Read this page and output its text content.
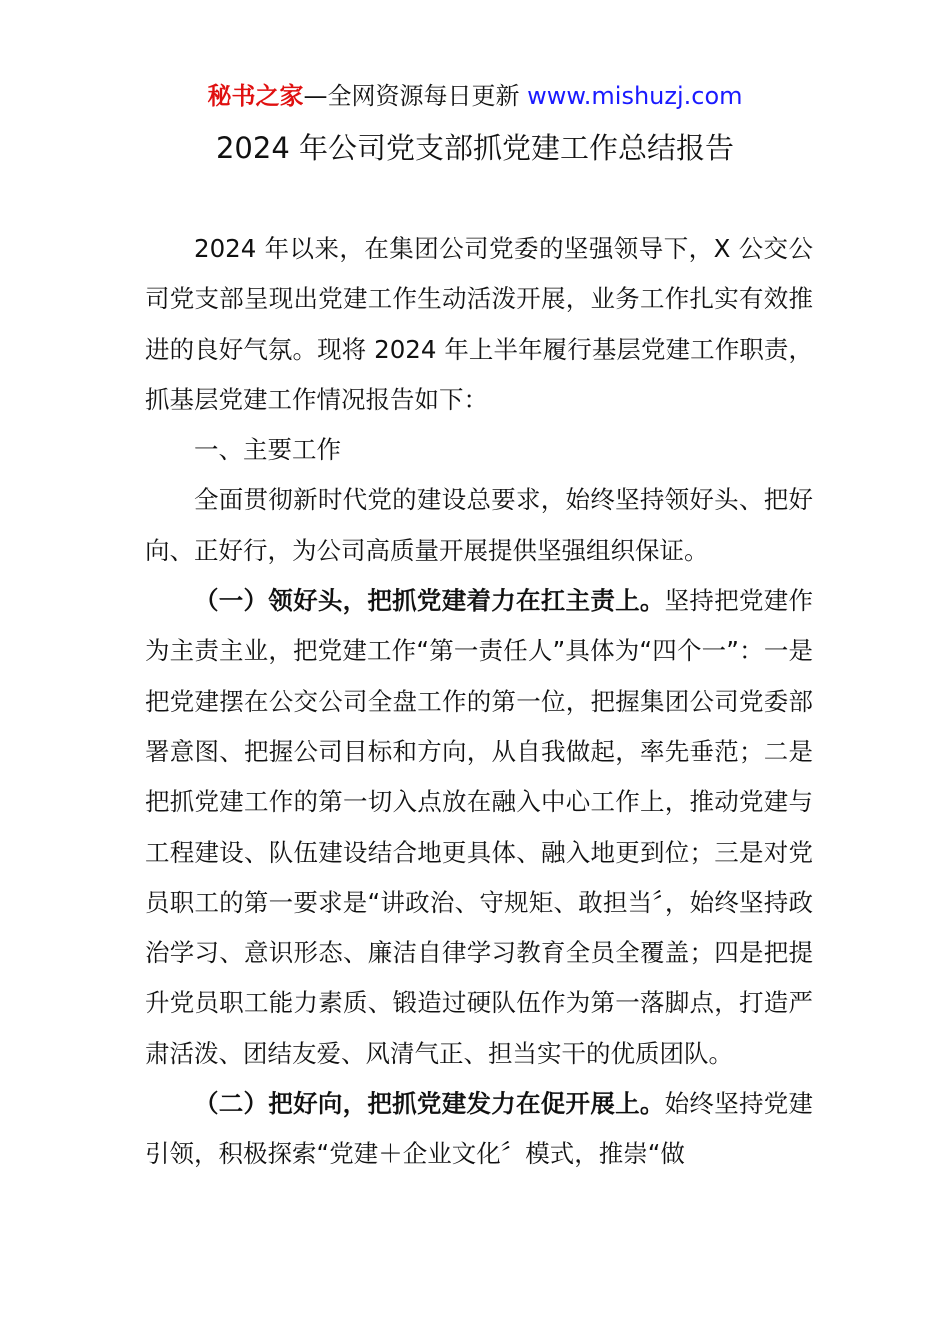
秘书之家—全网资源每日更新 www.mishuzj.com
2024 年公司党支部抓党建工作总结报告

2024 年以来，在集团公司党委的坚强领导下，X 公交公司党支部呈现出党建工作生动活泼开展，业务工作扎实有效推进的良好气氛。现将 2024 年上半年履行基层党建工作职责，抓基层党建工作情况报告如下：

一、主要工作

全面贯彻新时代党的建设总要求，始终坚持领好头、把好向、正好行，为公司高质量开展提供坚强组织保证。

（一）领好头，把抓党建着力在扛主责上。坚持把党建作为主责主业，把党建工作“第一责任人”具体为“四个一”：一是把党建摆在公交公司全盘工作的第一位，把握集团公司党委部署意图、把握公司目标和方向，从自我做起，率先垂范；二是把抓党建工作的第一切入点放在融入中心工作上，推动党建与工程建设、队伍建设结合地更具体、融入地更到位；三是对党员职工的第一要求是“讲政治、守规矩、敢担当〞，始终坚持政治学习、意识形态、廉洁自律学习教育全员全覆盖；四是把提升党员职工能力素质、锻造过硬队伍作为第一落脚点，打造严肃活泼、团结友爱、风清气正、担当实干的优质团队。

（二）把好向，把抓党建发力在促开展上。始终坚持党建引领，积极探索“党建＋企业文化〞模式，推崇“做
